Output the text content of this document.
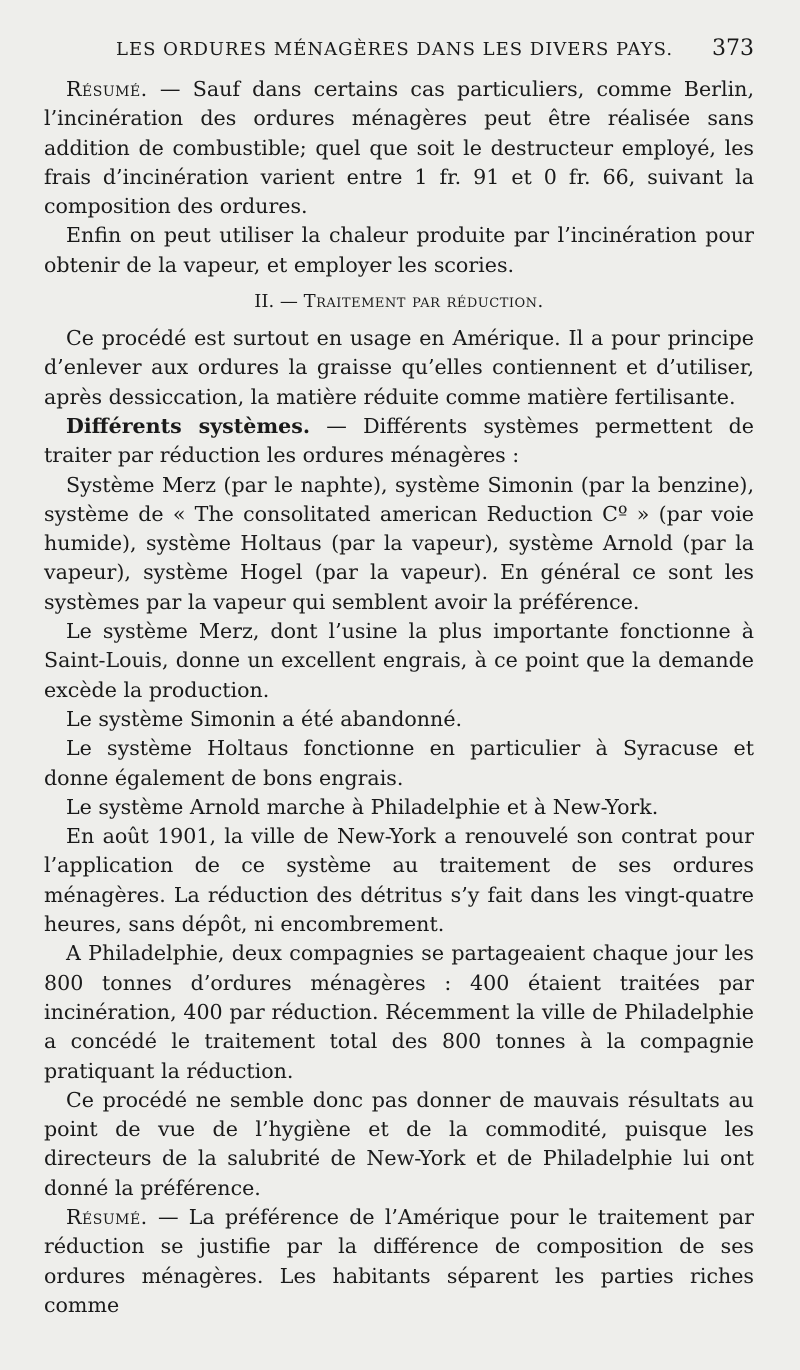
LES ORDURES MÉNAGÈRES DANS LES DIVERS PAYS. 373

Résumé. — Sauf dans certains cas particuliers, comme Berlin, l’incinération des ordures ménagères peut être réalisée sans addition de combustible; quel que soit le destructeur employé, les frais d’incinération varient entre 1 fr. 91 et 0 fr. 66, suivant la composition des ordures.

Enfin on peut utiliser la chaleur produite par l’incinération pour obtenir de la vapeur, et employer les scories.

II. — Traitement par réduction.

Ce procédé est surtout en usage en Amérique. Il a pour principe d’enlever aux ordures la graisse qu’elles contiennent et d’utiliser, après dessiccation, la matière réduite comme matière fertilisante.

Différents systèmes. — Différents systèmes permettent de traiter par réduction les ordures ménagères :

Système Merz (par le naphte), système Simonin (par la benzine), système de « The consolitated american Reduction Cº » (par voie humide), système Holtaus (par la vapeur), système Arnold (par la vapeur), système Hogel (par la vapeur). En général ce sont les systèmes par la vapeur qui semblent avoir la préférence.

Le système Merz, dont l’usine la plus importante fonctionne à Saint-Louis, donne un excellent engrais, à ce point que la demande excède la production.

Le système Simonin a été abandonné.

Le système Holtaus fonctionne en particulier à Syracuse et donne également de bons engrais.

Le système Arnold marche à Philadelphie et à New-York.

En août 1901, la ville de New-York a renouvelé son contrat pour l’application de ce système au traitement de ses ordures ménagères. La réduction des détritus s’y fait dans les vingt-quatre heures, sans dépôt, ni encombrement.

A Philadelphie, deux compagnies se partageaient chaque jour les 800 tonnes d’ordures ménagères : 400 étaient traitées par incinération, 400 par réduction. Récemment la ville de Philadelphie a concédé le traitement total des 800 tonnes à la compagnie pratiquant la réduction.

Ce procédé ne semble donc pas donner de mauvais résultats au point de vue de l’hygiène et de la commodité, puisque les directeurs de la salubrité de New-York et de Philadelphie lui ont donné la préférence.

Résumé. — La préférence de l’Amérique pour le traitement par réduction se justifie par la différence de composition de ses ordures ménagères. Les habitants séparent les parties riches comme
